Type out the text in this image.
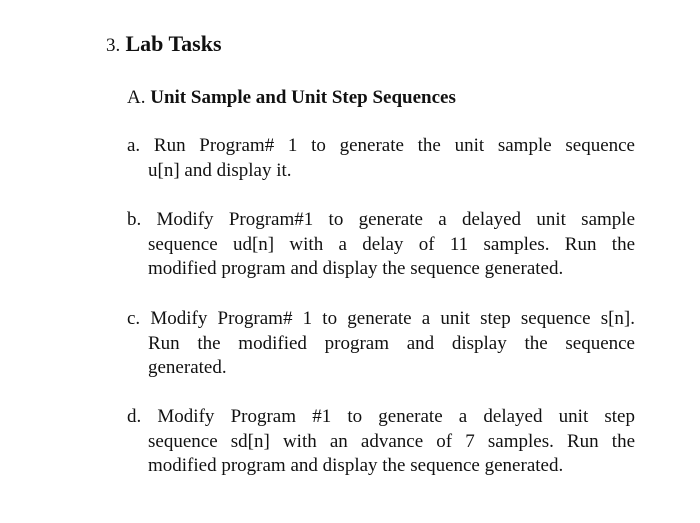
3. Lab Tasks
A. Unit Sample and Unit Step Sequences
a. Run Program# 1 to generate the unit sample sequence
u[n] and display it.
b. Modify Program#1 to generate a delayed unit sample
sequence ud[n] with a delay of 11 samples. Run the
modified program and display the sequence generated.
c. Modify Program# 1 to generate a unit step sequence s[n].
Run the modified program and display the sequence
generated.
d. Modify Program #1 to generate a delayed unit step
sequence sd[n] with an advance of 7 samples. Run the
modified program and display the sequence generated.
